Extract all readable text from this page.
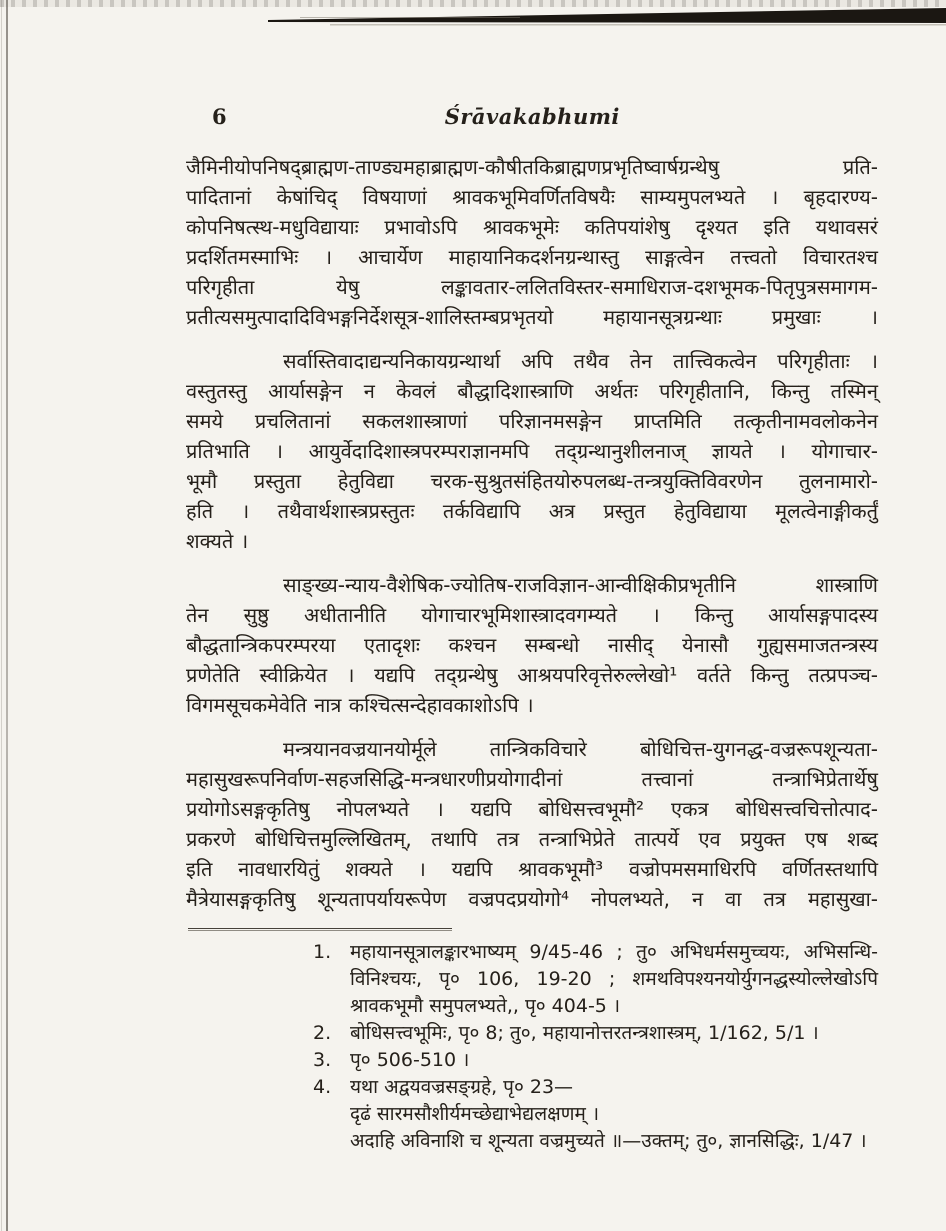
6	Śrāvakabhumi
जैमिनीयोपनिषद्ब्राह्मण-ताण्ड्यमहाब्राह्मण-कौषीतकिब्राह्मणप्रभृतिष्वार्षग्रन्थेषु प्रति-
पादितानां केषांचिद् विषयाणां श्रावकभूमिवर्णितविषयैः साम्यमुपलभ्यते । बृहदारण्य-
कोपनिषत्स्थ-मधुविद्यायाः प्रभावोऽपि श्रावकभूमेः कतिपयांशेषु दृश्यत इति यथावसरं
प्रदर्शितमस्माभिः । आचार्येण माहायानिकदर्शनग्रन्थास्तु साङ्गत्वेन तत्त्वतो विचारतश्च
परिगृहीता येषु लङ्कावतार-ललितविस्तर-समाधिराज-दशभूमक-पितृपुत्रसमागम-
प्रतीत्यसमुत्पादादिविभङ्गनिर्देशसूत्र-शालिस्तम्बप्रभृतयो महायानसूत्रग्रन्थाः प्रमुखाः ।
सर्वास्तिवादाद्यन्यनिकायग्रन्थार्था अपि तथैव तेन तात्त्विकत्वेन परिगृहीताः ।
वस्तुतस्तु आर्यासङ्गेन न केवलं बौद्धादिशास्त्राणि अर्थतः परिगृहीतानि, किन्तु तस्मिन्
समये प्रचलितानां सकलशास्त्राणां परिज्ञानमसङ्गेन प्राप्तमिति तत्कृतीनामवलोकनेन
प्रतिभाति । आयुर्वेदादिशास्त्रपरम्पराज्ञानमपि तद्ग्रन्थानुशीलनाज् ज्ञायते । योगाचार-
भूमौ प्रस्तुता हेतुविद्या चरक-सुश्रुतसंहितयोरुपलब्ध-तन्त्रयुक्तिविवरणेन तुलनामारो-
हति । तथैवार्थशास्त्रप्रस्तुतः तर्कविद्यापि अत्र प्रस्तुत हेतुविद्याया मूलत्वेनाङ्गीकर्तुं
शक्यते ।
साङ्ख्य-न्याय-वैशेषिक-ज्योतिष-राजविज्ञान-आन्वीक्षिकीप्रभृतीनि शास्त्राणि
तेन सुष्ठु अधीतानीति योगाचारभूमिशास्त्रादवगम्यते । किन्तु आर्यासङ्गपादस्य
बौद्धतान्त्रिकपरम्परया एतादृशः कश्चन सम्बन्धो नासीद् येनासौ गुह्यसमाजतन्त्रस्य
प्रणेतेति स्वीक्रियेत । यद्यपि तद्ग्रन्थेषु आश्रयपरिवृत्तेरुल्लेखो¹ वर्तते किन्तु तत्प्रपञ्च-
विगमसूचकमेवेति नात्र कश्चित्सन्देहावकाशोऽपि ।
मन्त्रयानवज्रयानयोर्मूले तान्त्रिकविचारे बोधिचित्त-युगनद्ध-वज्ररूपशून्यता-
महासुखरूपनिर्वाण-सहजसिद्धि-मन्त्रधारणीप्रयोगादीनां तत्त्वानां तन्त्राभिप्रेतार्थेषु
प्रयोगोऽसङ्गकृतिषु नोपलभ्यते । यद्यपि बोधिसत्त्वभूमौ² एकत्र बोधिसत्त्वचित्तोत्पाद-
प्रकरणे बोधिचित्तमुल्लिखितम्, तथापि तत्र तन्त्राभिप्रेते तात्पर्ये एव प्रयुक्त एष शब्द
इति नावधारयितुं शक्यते । यद्यपि श्रावकभूमौ³ वज्रोपमसमाधिरपि वर्णितस्तथापि
मैत्रेयासङ्गकृतिषु शून्यतापर्यायरूपेण वज्रपदप्रयोगो⁴ नोपलभ्यते, न वा तत्र महासुखा-
1. महायानसूत्रालङ्कारभाष्यम् 9/45-46 ; तु० अभिधर्मसमुच्चयः, अभिसन्धि-
विनिश्चयः, पृ० 106, 19-20 ; शमथविपश्यनयोर्युगनद्धस्योल्लेखोऽपि
श्रावकभूमौ समुपलभ्यते,, पृ० 404-5 ।
2. बोधिसत्त्वभूमिः, पृ० 8; तु०, महायानोत्तरतन्त्रशास्त्रम्, 1/162, 5/1 ।
3. पृ० 506-510 ।
4. यथा अद्वयवज्रसङ्ग्रहे, पृ० 23—
दृढं सारमसौशीर्यमच्छेद्याभेद्यलक्षणम् ।
अदाहि अविनाशि च शून्यता वज्रमुच्यते ॥—उक्तम्; तु०, ज्ञानसिद्धिः, 1/47 ।
